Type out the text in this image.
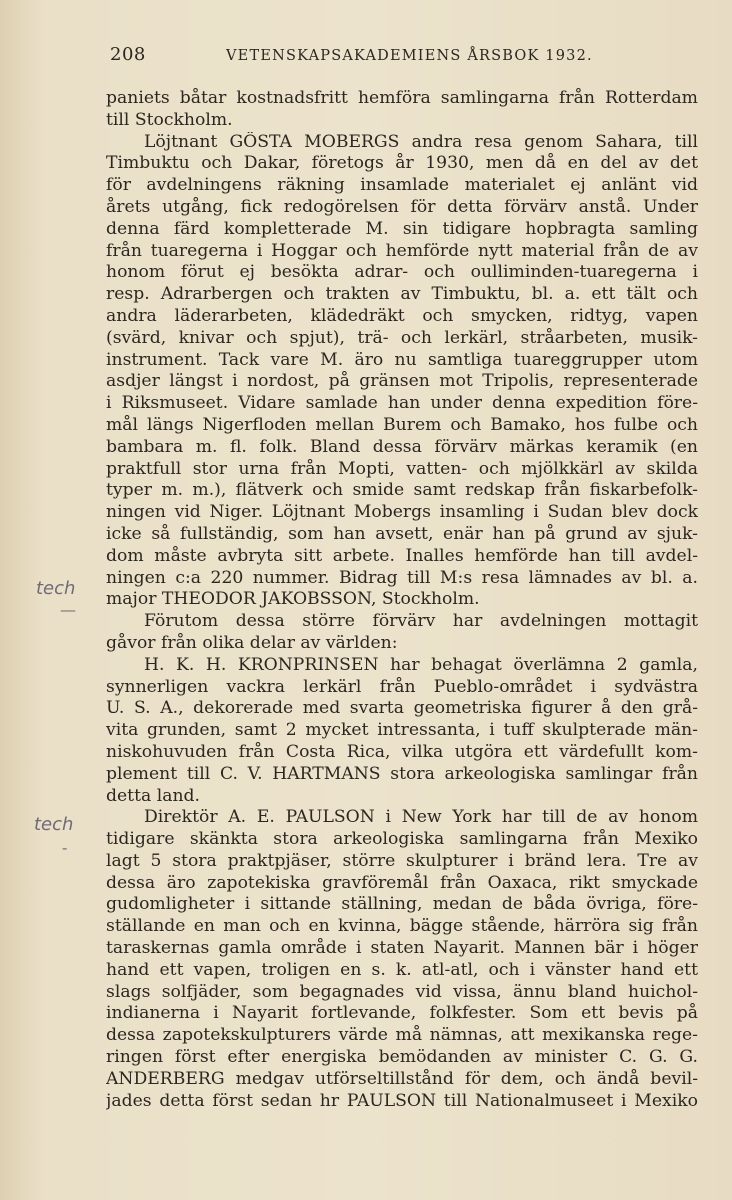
208	VETENSKAPSAKADEMIENS ÅRSBOK 1932.
tech
—
tech
-
paniets båtar kostnadsfritt hemföra samlingarna från Rotterdam
till Stockholm.
Löjtnant GÖSTA MOBERGS andra resa genom Sahara, till
Timbuktu och Dakar, företogs år 1930, men då en del av det
för avdelningens räkning insamlade materialet ej anlänt vid
årets utgång, fick redogörelsen för detta förvärv anstå. Under
denna färd kompletterade M. sin tidigare hopbragta samling
från tuaregerna i Hoggar och hemförde nytt material från de av
honom förut ej besökta adrar- och oulliminden-tuaregerna i
resp. Adrarbergen och trakten av Timbuktu, bl. a. ett tält och
andra läderarbeten, klädedräkt och smycken, ridtyg, vapen
(svärd, knivar och spjut), trä- och lerkärl, stråarbeten, musik-
instrument. Tack vare M. äro nu samtliga tuareggrupper utom
asdjer längst i nordost, på gränsen mot Tripolis, representerade
i Riksmuseet. Vidare samlade han under denna expedition före-
mål längs Nigerfloden mellan Burem och Bamako, hos fulbe och
bambara m. fl. folk. Bland dessa förvärv märkas keramik (en
praktfull stor urna från Mopti, vatten- och mjölkkärl av skilda
typer m. m.), flätverk och smide samt redskap från fiskarbefolk-
ningen vid Niger. Löjtnant Mobergs insamling i Sudan blev dock
icke så fullständig, som han avsett, enär han på grund av sjuk-
dom måste avbryta sitt arbete. Inalles hemförde han till avdel-
ningen c:a 220 nummer. Bidrag till M:s resa lämnades av bl. a.
major THEODOR JAKOBSSON, Stockholm.
Förutom dessa större förvärv har avdelningen mottagit
gåvor från olika delar av världen:
H. K. H. KRONPRINSEN har behagat överlämna 2 gamla,
synnerligen vackra lerkärl från Pueblo-området i sydvästra
U. S. A., dekorerade med svarta geometriska figurer å den grå-
vita grunden, samt 2 mycket intressanta, i tuff skulpterade män-
niskohuvuden från Costa Rica, vilka utgöra ett värdefullt kom-
plement till C. V. HARTMANS stora arkeologiska samlingar från
detta land.
Direktör A. E. PAULSON i New York har till de av honom
tidigare skänkta stora arkeologiska samlingarna från Mexiko
lagt 5 stora praktpjäser, större skulpturer i bränd lera. Tre av
dessa äro zapotekiska gravföremål från Oaxaca, rikt smyckade
gudomligheter i sittande ställning, medan de båda övriga, före-
ställande en man och en kvinna, bägge stående, härröra sig från
taraskernas gamla område i staten Nayarit. Mannen bär i höger
hand ett vapen, troligen en s. k. atl-atl, och i vänster hand ett
slags solfjäder, som begagnades vid vissa, ännu bland huichol-
indianerna i Nayarit fortlevande, folkfester. Som ett bevis på
dessa zapotekskulpturers värde må nämnas, att mexikanska rege-
ringen först efter energiska bemödanden av minister C. G. G.
ANDERBERG medgav utförseltillstånd för dem, och ändå bevil-
jades detta först sedan hr PAULSON till Nationalmuseet i Mexiko
